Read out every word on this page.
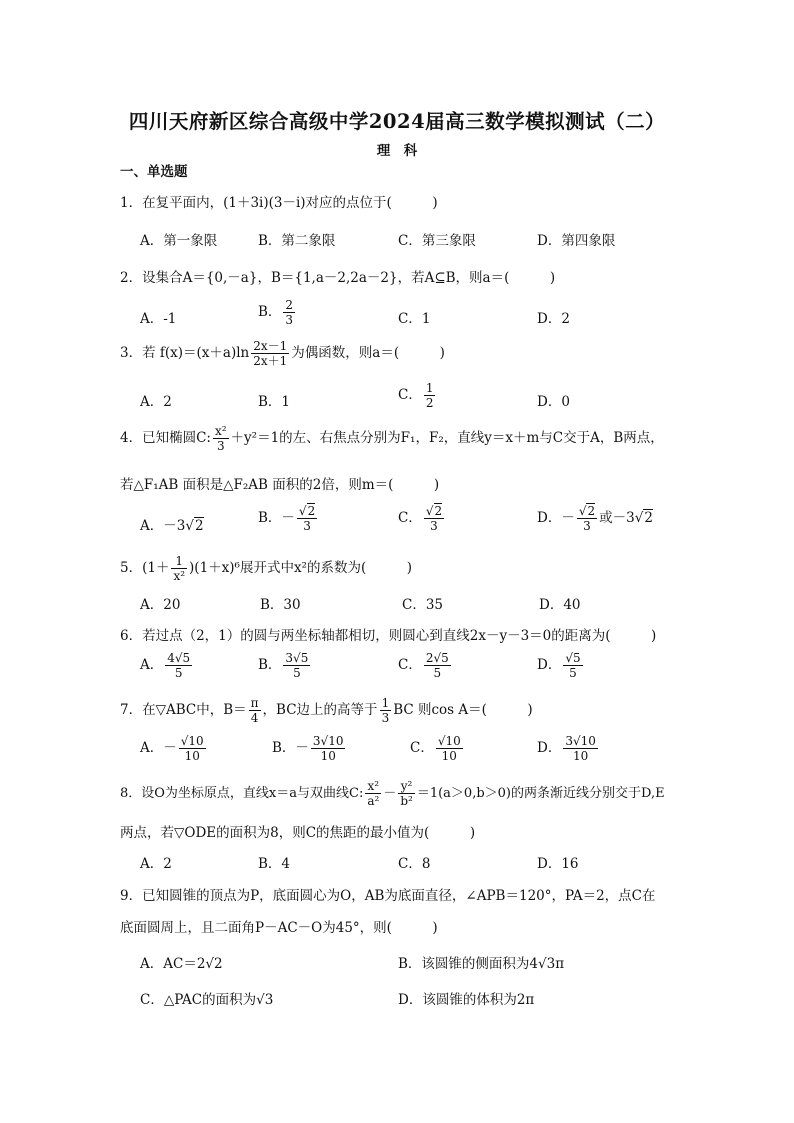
四川天府新区综合高级中学2024届高三数学模拟测试（二）
理　科
一、单选题
1．在复平面内，(1＋3i)(3－i)对应的点位于(　　　)
A．第一象限	B．第二象限	C．第三象限	D．第四象限
2．设集合A＝{0,－a}，B＝{1,a－2,2a－2}，若A⊆B，则a＝(　　　)
A．-1	B． $\frac{2}{3}$	C．1	D．2
3．若 $f(x)=(x+a)\ln \frac{2x-1}{2x+1}$ 为偶函数，则a＝(　　　)
A．2	B．1	C． $\frac{1}{2}$	D．0
4．已知椭圆C: $\frac{\text{x²}}{3} +y^2=1$的左、右焦点分别为F₁，F₂，直线y＝x＋m与C交于A，B两点，
若△F₁AB 面积是△F₂AB 面积的2倍，则m＝(　　　)
A．－3√2	B．－ $\frac{√2}{3}$	C． $\frac{√2}{3}$	D．－ $\frac{√2}{3}$ 或－3√2
5．$(1+ \frac{1}{\text{x²}} )(1+x)^6$展开式中x²的系数为(　　　)
A．20	B．30	C．35	D．40
6．若过点（2，1）的圆与两坐标轴都相切，则圆心到直线2x－y－3＝0的距离为(　　　)
A． $\frac{4√5}{5}$	B． $\frac{3√5}{5}$	C． $\frac{2√5}{5}$	D． $\frac{√5}{5}$
7．在▽ABC中，$B= \frac{\pi}{4}$ ，BC边上的高等于 $\frac{1}{3}$ BC 则cos A＝(　　　)
A．－ $\frac{√10}{10}$	B．－ $\frac{3√10}{10}$	C． $\frac{√10}{10}$	D． $\frac{3√10}{10}$
8．设O为坐标原点，直线x＝a与双曲线C: $\frac{\text{x²}}{\text{a²}} - \frac{\text{y²}}{\text{b²}} =1(a>0,b>0)$的两条渐近线分别交于D,E
两点，若▽ODE的面积为8，则C的焦距的最小值为(　　　)
A．2	B．4	C．8	D．16
9．已知圆锥的顶点为P，底面圆心为O，AB为底面直径，∠APB＝120°，PA＝2，点C在
底面圆周上，且二面角P－AC－O为45°，则(　　　)
A．AC＝2√2	B．该圆锥的侧面积为4√3π
C．△PAC的面积为√3	D．该圆锥的体积为2π
